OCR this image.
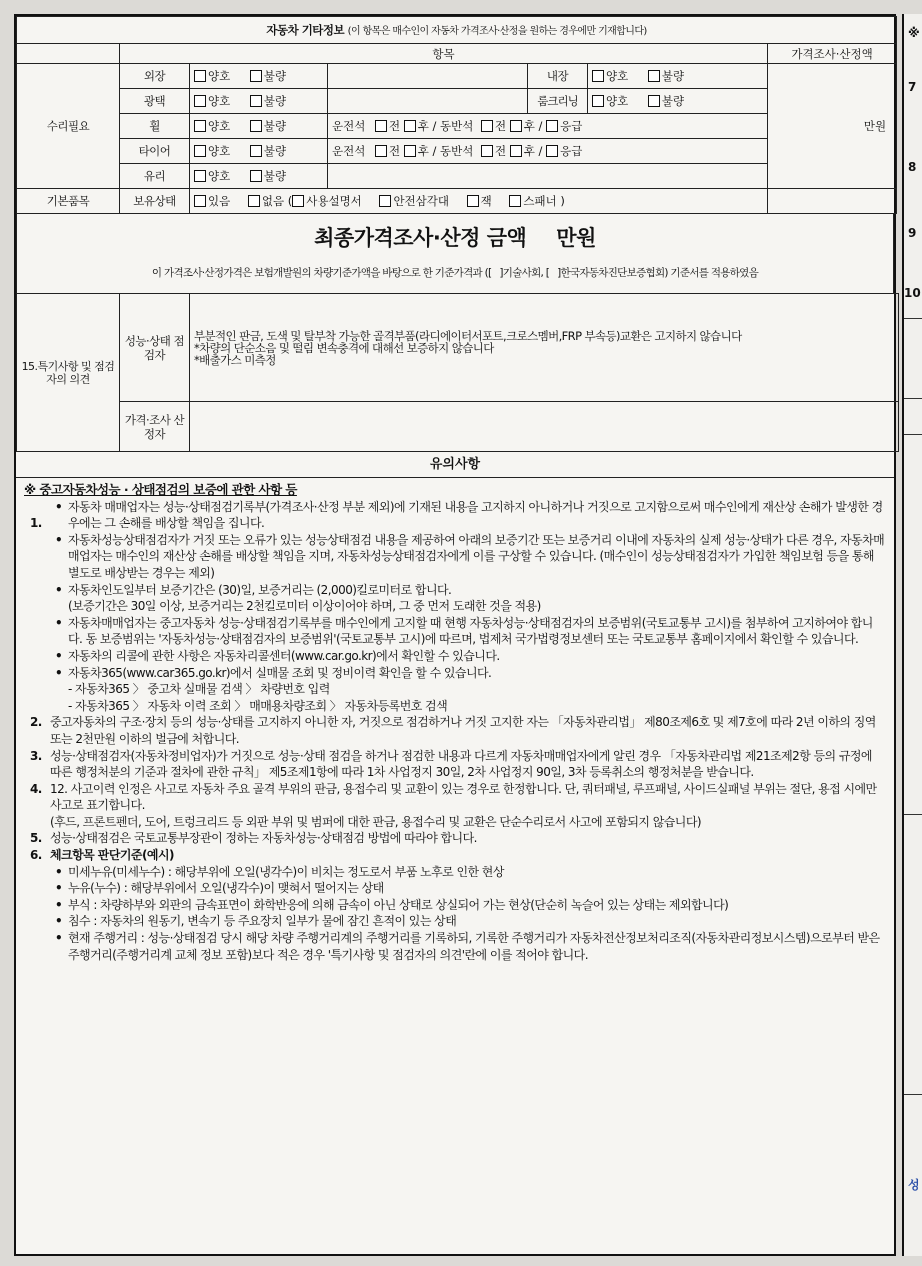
자동차 기타정보 (이 항목은 매수인이 자동차 가격조사·산정을 원하는 경우에만 기재합니다)						
	항목					가격조사·산정액
수리필요	외장	양호 불량		내장	양호 불량	만원
	광택	양호 불량		룸크리닝	양호 불량	
	휠	양호 불량	운전석 전 후 / 동반석 전 후 / 응급			
	타이어	양호 불량	운전석 전 후 / 동반석 전 후 / 응급			
	유리	양호 불량				
기본품목	보유상태	있음 없음 ( 사용설명서 안전삼각대 잭 스패너 )				
최종가격조사·산정 금액 만원
이 가격조사·산정가격은 보험개발원의 차량기준가액을 바탕으로 한 기준가격과 ([ ]기술사회, [ ]한국자동차진단보증협회) 기준서를 적용하였음
15.특기사항 및 점검자의 의견	성능·상태 점검자	부분적인 판금, 도색 및 탈부착 가능한 골격부품(라디에이터서포트,크로스멤버,FRP 부속등)교환은 고지하지 않습니다
*차량의 단순소음 및 떨림 변속충격에 대해선 보증하지 않습니다
*배출가스 미측정

	가격·조사 산정자	
유의사항
※ 중고자동차성능 · 상태점검의 보증에 관한 사항 등
1.
• 자동차 매매업자는 성능·상태점검기록부(가격조사·산정 부분 제외)에 기재된 내용을 고지하지 아니하거나 거짓으로 고지함으로써 매수인에게 재산상 손해가 발생한 경우에는 그 손해를 배상할 책임을 집니다.
• 자동차성능상태점검자가 거짓 또는 오류가 있는 성능상태점검 내용을 제공하여 아래의 보증기간 또는 보증거리 이내에 자동차의 실제 성능·상태가 다른 경우, 자동차매매업자는 매수인의 재산상 손해를 배상할 책임을 지며, 자동차성능상태점검자에게 이를 구상할 수 있습니다. (매수인이 성능상태점검자가 가입한 책임보험 등을 통해 별도로 배상받는 경우는 제외)
• 자동차인도일부터 보증기간은 (30)일, 보증거리는 (2,000)킬로미터로 합니다.
(보증기간은 30일 이상, 보증거리는 2천킬로미터 이상이어야 하며, 그 중 먼저 도래한 것을 적용)
• 자동차매매업자는 중고자동차 성능·상태점검기록부를 매수인에게 고지할 때 현행 자동차성능·상태점검자의 보증범위(국토교통부 고시)를 첨부하여 고지하여야 합니다. 동 보증범위는 '자동차성능·상태점검자의 보증범위'(국토교통부 고시)에 따르며, 법제처 국가법령정보센터 또는 국토교통부 홈페이지에서 확인할 수 있습니다.
• 자동차의 리콜에 관한 사항은 자동차리콜센터(www.car.go.kr)에서 확인할 수 있습니다.
• 자동차365(www.car365.go.kr)에서 실매물 조회 및 정비이력 확인을 할 수 있습니다.
- 자동차365 〉 중고차 실매물 검색 〉 차량번호 입력
- 자동차365 〉 자동차 이력 조회 〉 매매용차량조회 〉 자동차등록번호 검색
2. 중고자동차의 구조·장치 등의 성능·상태를 고지하지 아니한 자, 거짓으로 점검하거나 거짓 고지한 자는 「자동차관리법」 제80조제6호 및 제7호에 따라 2년 이하의 징역 또는 2천만원 이하의 벌금에 처합니다.
3. 성능·상태점검자(자동차정비업자)가 거짓으로 성능·상태 점검을 하거나 점검한 내용과 다르게 자동차매매업자에게 알린 경우 「자동차관리법 제21조제2항 등의 규정에 따른 행정처분의 기준과 절차에 관한 규칙」 제5조제1항에 따라 1차 사업정지 30일, 2차 사업정지 90일, 3차 등록취소의 행정처분을 받습니다.
4. 12. 사고이력 인정은 사고로 자동차 주요 골격 부위의 판금, 용접수리 및 교환이 있는 경우로 한정합니다. 단, 쿼터패널, 루프패널, 사이드실패널 부위는 절단, 용접 시에만 사고로 표기합니다.
(후드, 프론트펜더, 도어, 트렁크리드 등 외판 부위 및 범퍼에 대한 판금, 용접수리 및 교환은 단순수리로서 사고에 포함되지 않습니다)
5. 성능·상태점검은 국토교통부장관이 정하는 자동차성능·상태점검 방법에 따라야 합니다.
6. 체크항목 판단기준(예시)
• 미세누유(미세누수) : 해당부위에 오일(냉각수)이 비치는 정도로서 부품 노후로 인한 현상
• 누유(누수) : 해당부위에서 오일(냉각수)이 맺혀서 떨어지는 상태
• 부식 : 차량하부와 외판의 금속표면이 화학반응에 의해 금속이 아닌 상태로 상실되어 가는 현상(단순히 녹슬어 있는 상태는 제외합니다)
• 침수 : 자동차의 원동기, 변속기 등 주요장치 일부가 물에 잠긴 흔적이 있는 상태
• 현재 주행거리 : 성능·상태점검 당시 해당 차량 주행거리계의 주행거리를 기록하되, 기록한 주행거리가 자동차전산정보처리조직(자동차관리정보시스템)으로부터 받은 주행거리(주행거리계 교체 정보 포함)보다 적은 경우 '특기사항 및 점검자의 의견'란에 이를 적어야 합니다.
※
7
8
9
10
성
